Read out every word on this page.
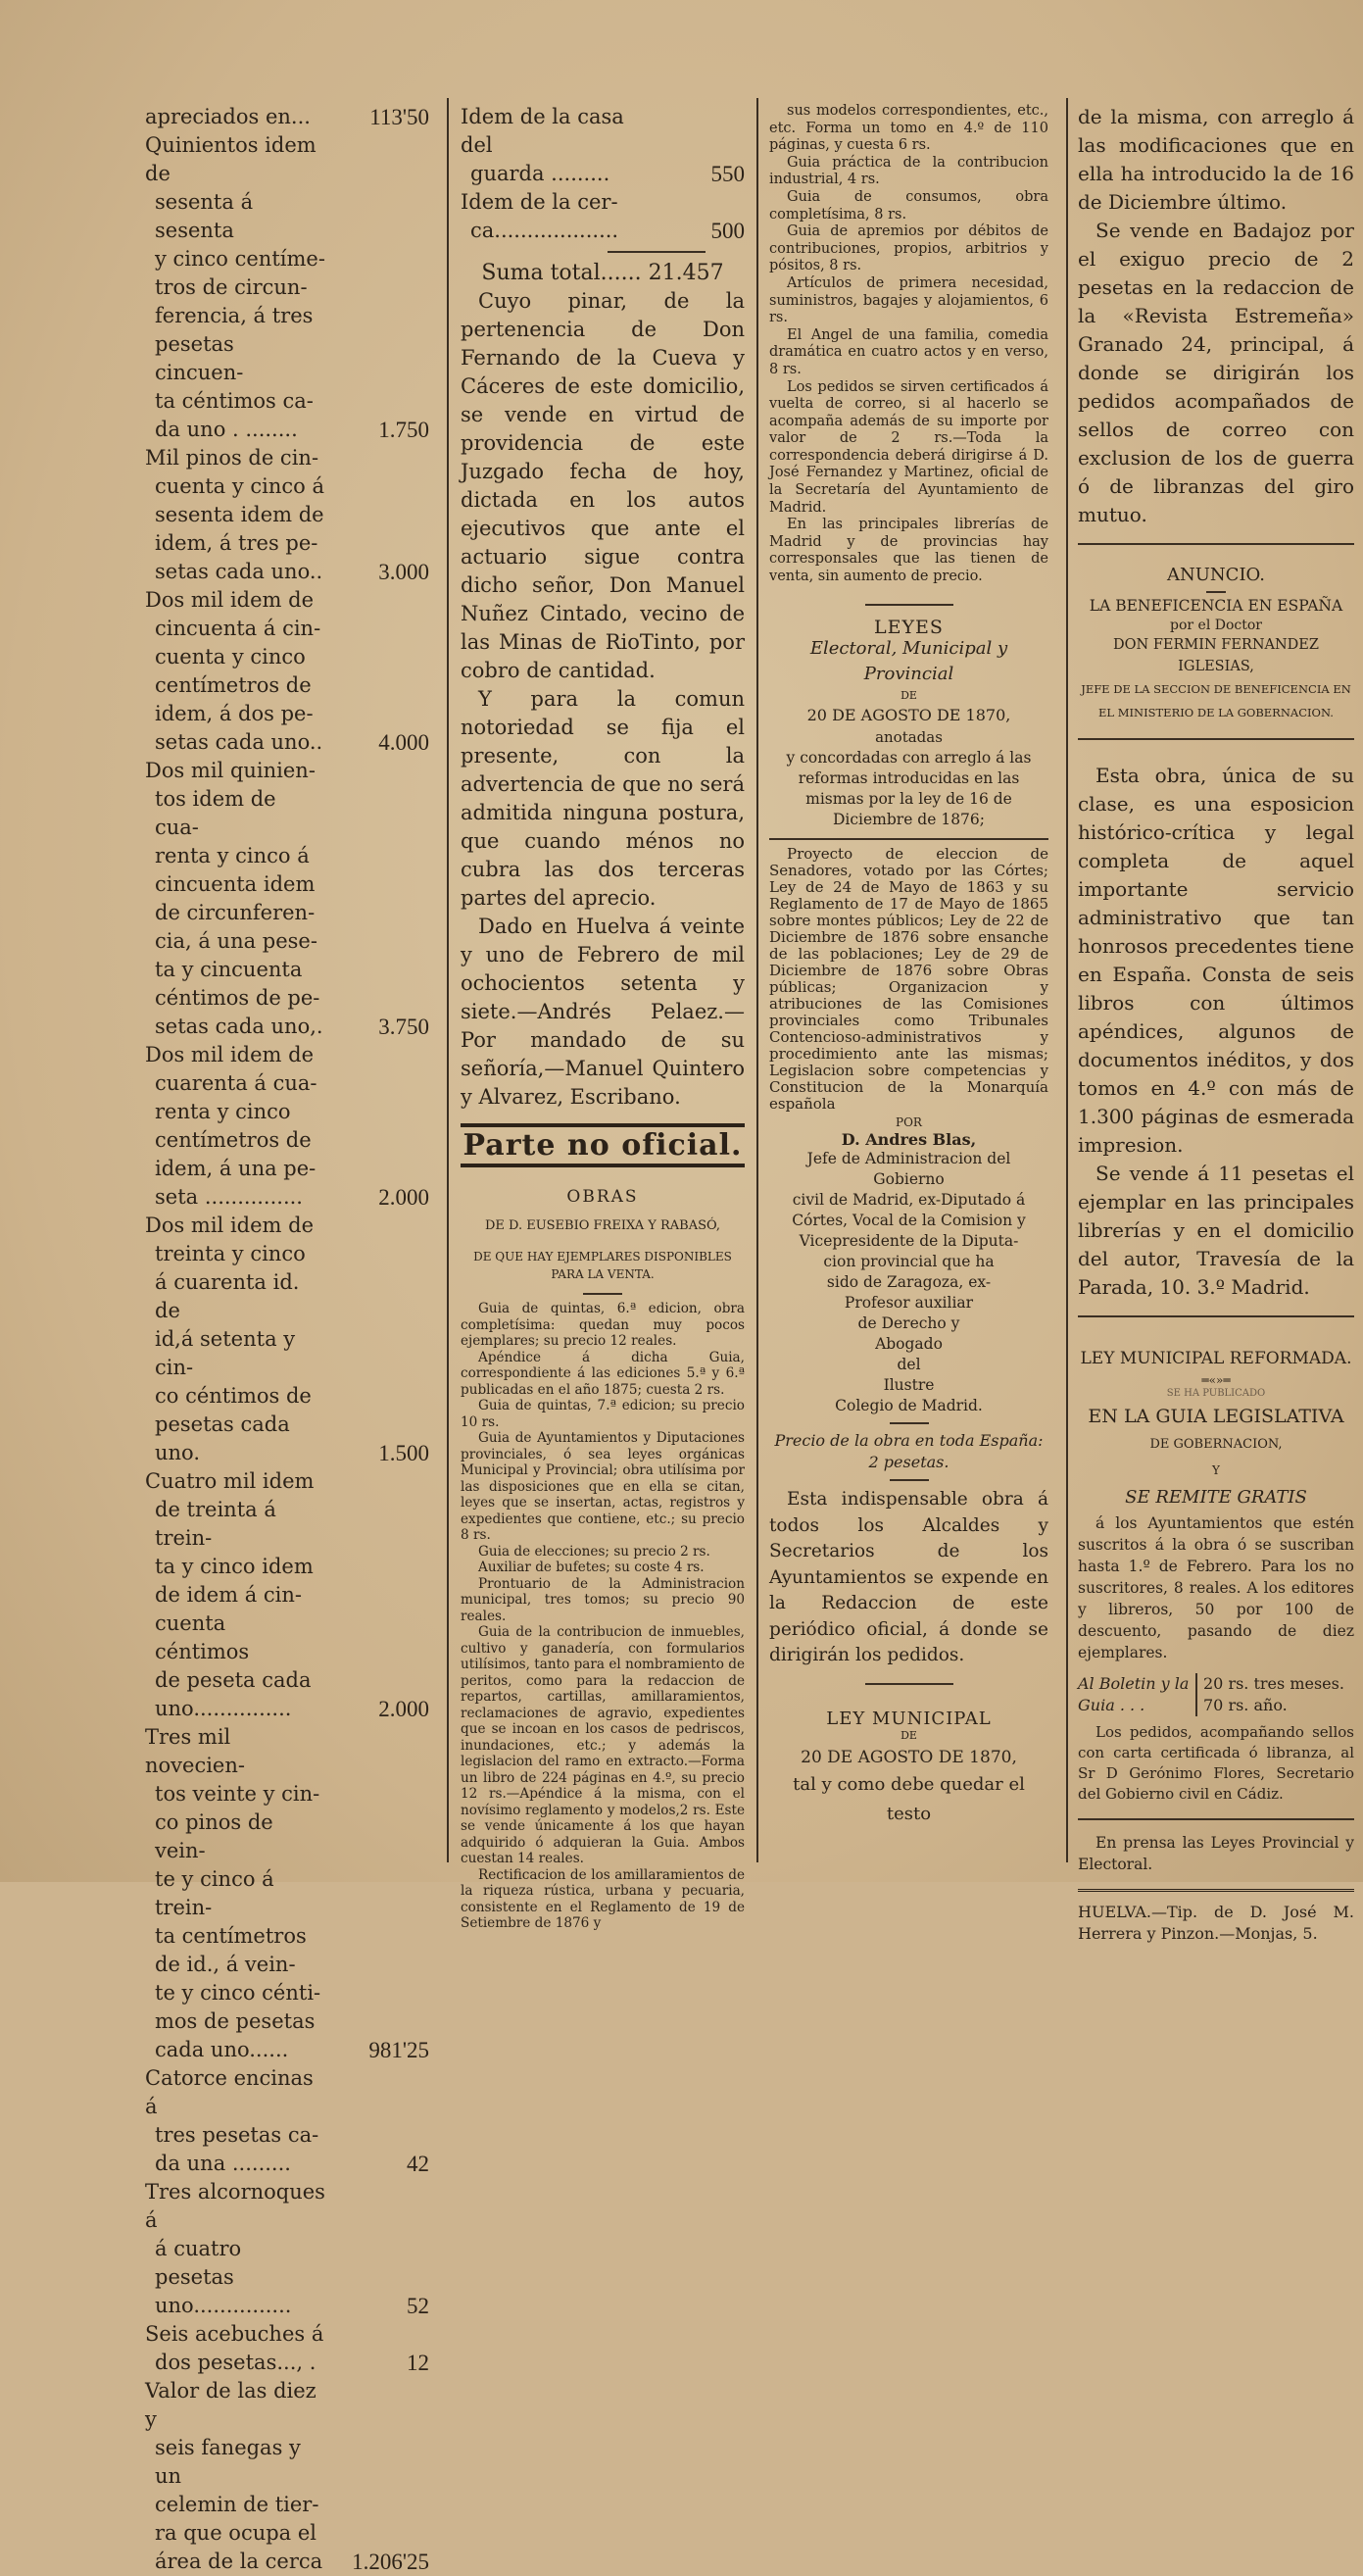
apreciados en...	113'50
Quinientos idem de
sesenta á sesenta
y cinco centíme-
tros de circun-
ferencia, á tres
pesetas cincuen-
ta céntimos ca-
da uno . ........	1.750
Mil pinos de cin-
cuenta y cinco á
sesenta idem de
idem, á tres pe-
setas cada uno..	3.000
Dos mil idem de
cincuenta á cin-
cuenta y cinco
centímetros de
idem, á dos pe-
setas cada uno..	4.000
Dos mil quinien-
tos idem de cua-
renta y cinco á
cincuenta idem
de circunferen-
cia, á una pese-
ta y cincuenta
céntimos de pe-
setas cada uno,.	3.750
Dos mil idem de
cuarenta á cua-
renta y cinco
centímetros de
idem, á una pe-
seta ...............	2.000
Dos mil idem de
treinta y cinco
á cuarenta id. de
id,á setenta y cin-
co céntimos de
pesetas cada uno.	1.500
Cuatro mil idem
de treinta á trein-
ta y cinco idem
de idem á cin-
cuenta céntimos
de peseta cada
uno...............	2.000
Tres mil novecien-
tos veinte y cin-
co pinos de vein-
te y cinco á trein-
ta centímetros
de id., á vein-
te y cinco cénti-
mos de pesetas
cada uno......	981'25
Catorce encinas á
tres pesetas ca-
da una .........	42
Tres alcornoques á
á cuatro pesetas
uno...............	52
Seis acebuches á
dos pesetas..., .	12
Valor de las diez y
seis fanegas y un
celemin de tier-
ra que ocupa el
área de la cerca	1.206'25
Idem de la casa del
guarda .........	550
Idem de la cer-
ca...................	500
Suma total...... 21.457
Cuyo pinar, de la pertenencia de Don Fernando de la Cueva y Cáceres de este domicilio, se vende en virtud de providencia de este Juzgado fecha de hoy, dictada en los autos ejecutivos que ante el actuario sigue contra dicho señor, Don Manuel Nuñez Cintado, vecino de las Minas de RioTinto, por cobro de cantidad.
Y para la comun notoriedad se fija el presente, con la advertencia de que no será admitida ninguna postura, que cuando ménos no cubra las dos terceras partes del aprecio.
Dado en Huelva á veinte y uno de Febrero de mil ochocientos setenta y siete.—Andrés Pelaez.—Por mandado de su señoría,—Manuel Quintero y Alvarez, Escribano.
Parte no oficial.
OBRAS
DE D. EUSEBIO FREIXA Y RABASÓ,
DE QUE HAY EJEMPLARES DISPONIBLES PARA LA VENTA.
Guia de quintas, 6.ª edicion, obra completísima: quedan muy pocos ejemplares; su precio 12 reales.
Apéndice á dicha Guia, correspondiente á las ediciones 5.ª y 6.ª publicadas en el año 1875; cuesta 2 rs.
Guia de quintas, 7.ª edicion; su precio 10 rs.
Guia de Ayuntamientos y Diputaciones provinciales, ó sea leyes orgánicas Municipal y Provincial; obra utilísima por las disposiciones que en ella se citan, leyes que se insertan, actas, registros y expedientes que contiene, etc.; su precio 8 rs.
Guia de elecciones; su precio 2 rs.
Auxiliar de bufetes; su coste 4 rs.
Prontuario de la Administracion municipal, tres tomos; su precio 90 reales.
Guia de la contribucion de inmuebles, cultivo y ganadería, con formularios utilísimos, tanto para el nombramiento de peritos, como para la redaccion de repartos, cartillas, amillaramientos, reclamaciones de agravio, expedientes que se incoan en los casos de pedriscos, inundaciones, etc.; y además la legislacion del ramo en extracto.—Forma un libro de 224 páginas en 4.º, su precio 12 rs.—Apéndice á la misma, con el novísimo reglamento y modelos,2 rs. Este se vende únicamente á los que hayan adquirido ó adquieran la Guia. Ambos cuestan 14 reales.
Rectificacion de los amillaramientos de la riqueza rústica, urbana y pecuaria, consistente en el Reglamento de 19 de Setiembre de 1876 y
sus modelos correspondientes, etc., etc. Forma un tomo en 4.º de 110 páginas, y cuesta 6 rs.
Guia práctica de la contribucion industrial, 4 rs.
Guia de consumos, obra completísima, 8 rs.
Guia de apremios por débitos de contribuciones, propios, arbitrios y pósitos, 8 rs.
Artículos de primera necesidad, suministros, bagajes y alojamientos, 6 rs.
El Angel de una familia, comedia dramática en cuatro actos y en verso, 8 rs.
Los pedidos se sirven certificados á vuelta de correo, si al hacerlo se acompaña además de su importe por valor de 2 rs.—Toda la correspondencia deberá dirigirse á D. José Fernandez y Martinez, oficial de la Secretaría del Ayuntamiento de Madrid.
En las principales librerías de Madrid y de provincias hay corresponsales que las tienen de venta, sin aumento de precio.
LEYES
Electoral, Municipal y Provincial
DE
20 DE AGOSTO DE 1870,
anotadas
y concordadas con arreglo á las reformas introducidas en las mismas por la ley de 16 de Diciembre de 1876;
Proyecto de eleccion de Senadores, votado por las Córtes; Ley de 24 de Mayo de 1863 y su Reglamento de 17 de Mayo de 1865 sobre montes públicos; Ley de 22 de Diciembre de 1876 sobre ensanche de las poblaciones; Ley de 29 de Diciembre de 1876 sobre Obras públicas; Organizacion y atribuciones de las Comisiones provinciales como Tribunales Contencioso-administrativos y procedimiento ante las mismas; Legislacion sobre competencias y Constitucion de la Monarquía española
POR
D. Andres Blas,
Jefe de Administracion del Gobierno
civil de Madrid, ex-Diputado á
Córtes, Vocal de la Comision y
Vicepresidente de la Diputa-
cion provincial que ha
sido de Zaragoza, ex-
Profesor auxiliar
de Derecho y
Abogado
del
Ilustre
Colegio de Madrid.
Precio de la obra en toda España: 2 pesetas.
Esta indispensable obra á todos los Alcaldes y Secretarios de los Ayuntamientos se expende en la Redaccion de este periódico oficial, á donde se dirigirán los pedidos.
LEY MUNICIPAL
DE
20 DE AGOSTO DE 1870,
tal y como debe quedar el testo
de la misma, con arreglo á las modificaciones que en ella ha introducido la de 16 de Diciembre último.
Se vende en Badajoz por el exiguo precio de 2 pesetas en la redaccion de la «Revista Estremeña» Granado 24, principal, á donde se dirigirán los pedidos acompañados de sellos de correo con exclusion de los de guerra ó de libranzas del giro mutuo.
ANUNCIO.
LA BENEFICENCIA EN ESPAÑA
por el Doctor
DON FERMIN FERNANDEZ IGLESIAS,
JEFE DE LA SECCION DE BENEFICENCIA EN EL MINISTERIO DE LA GOBERNACION.
Esta obra, única de su clase, es una esposicion histórico-crítica y legal completa de aquel importante servicio administrativo que tan honrosos precedentes tiene en España. Consta de seis libros con últimos apéndices, algunos de documentos inéditos, y dos tomos en 4.º con más de 1.300 páginas de esmerada impresion.
Se vende á 11 pesetas el ejemplar en las principales librerías y en el domicilio del autor, Travesía de la Parada, 10. 3.º Madrid.
LEY MUNICIPAL REFORMADA.
═«»═
SE HA PUBLICADO
EN LA GUIA LEGISLATIVA
DE GOBERNACION,
Y
SE REMITE GRATIS
á los Ayuntamientos que estén suscritos á la obra ó se suscriban hasta 1.º de Febrero. Para los no suscritores, 8 reales. A los editores y libreros, 50 por 100 de descuento, pasando de diez ejemplares.
Al Boletin y la Guia . . .
20 rs. tres meses.
70 rs. año.
Los pedidos, acompañando sellos con carta certificada ó libranza, al Sr D Gerónimo Flores, Secretario del Gobierno civil en Cádiz.
En prensa las Leyes Provincial y Electoral.
HUELVA.—Tip. de D. José M. Herrera y Pinzon.—Monjas, 5.
